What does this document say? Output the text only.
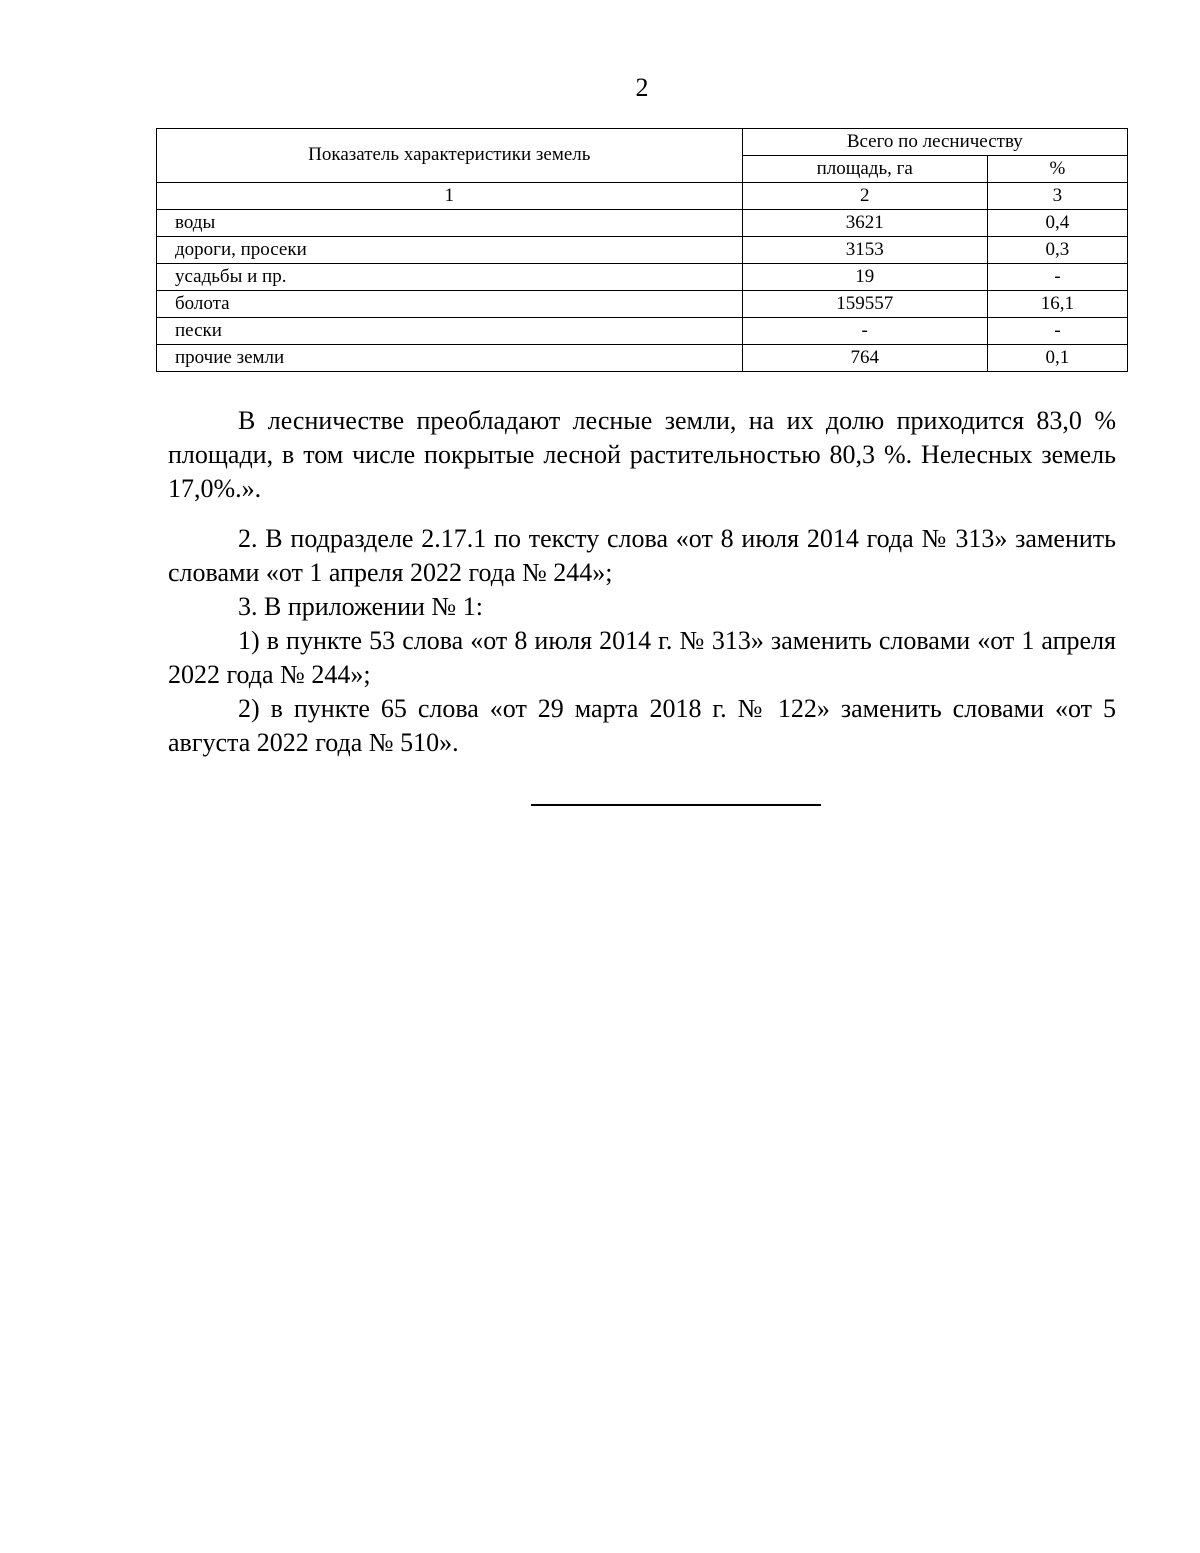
2
Показатель характеристики земель	Всего по лесничеству	
	площадь, га	%
1	2	3
воды	3621	0,4
дороги, просеки	3153	0,3
усадьбы и пр.	19	-
болота	159557	16,1
пески	-	-
прочие земли	764	0,1

В лесничестве преобладают лесные земли, на их долю приходится 83,0 % площади, в том числе покрытые лесной растительностью 80,3 %. Нелесных земель 17,0%.».

2. В подразделе 2.17.1 по тексту слова «от 8 июля 2014 года № 313» заменить словами «от 1 апреля 2022 года № 244»;

3. В приложении № 1:

1) в пункте 53 слова «от 8 июля 2014 г. № 313» заменить словами «от 1 апреля 2022 года № 244»;

2) в пункте 65 слова «от 29 марта 2018 г. № 122» заменить словами «от 5 августа 2022 года № 510».
